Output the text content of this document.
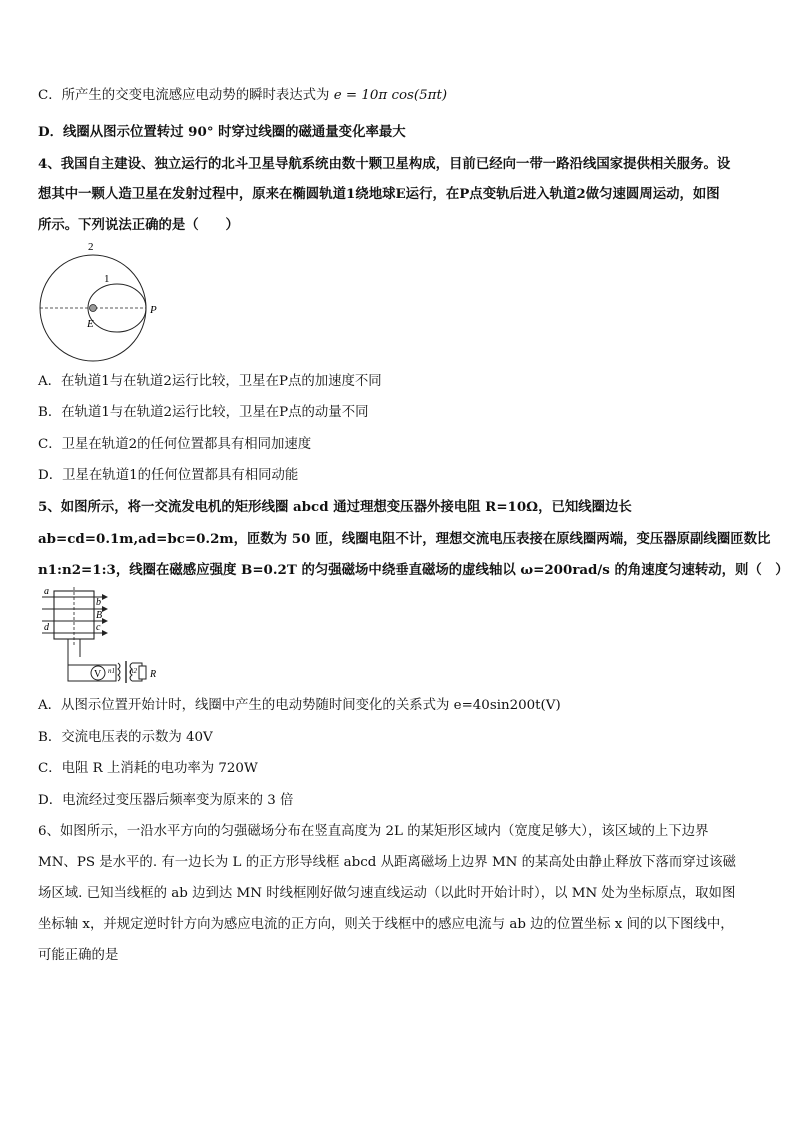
C．所产生的交变电流感应电动势的瞬时表达式为 e = 10π cos(5πt)
D．线圈从图示位置转过 90° 时穿过线圈的磁通量变化率最大
4、我国自主建设、独立运行的北斗卫星导航系统由数十颗卫星构成，目前已经向一带一路沿线国家提供相关服务。设
想其中一颗人造卫星在发射过程中，原来在椭圆轨道1绕地球E运行，在P点变轨后进入轨道2做匀速圆周运动，如图
所示。下列说法正确的是（　　）
2
1
E
P
A．在轨道1与在轨道2运行比较，卫星在P点的加速度不同
B．在轨道1与在轨道2运行比较，卫星在P点的动量不同
C．卫星在轨道2的任何位置都具有相同加速度
D．卫星在轨道1的任何位置都具有相同动能
5、如图所示，将一交流发电机的矩形线圈 abcd 通过理想变压器外接电阻 R=10Ω，已知线圈边长
ab=cd=0.1m,ad=bc=0.2m，匝数为 50 匝，线圈电阻不计，理想交流电压表接在原线圈两端，变压器原副线圈匝数比
n1:n2=1:3，线圈在磁感应强度 B=0.2T 的匀强磁场中绕垂直磁场的虚线轴以 ω=200rad/s 的角速度匀速转动，则（　）
V
a
b
B
d	c
n1 n2 R
A．从图示位置开始计时，线圈中产生的电动势随时间变化的关系式为 e=40sin200t(V)
B．交流电压表的示数为 40V
C．电阻 R 上消耗的电功率为 720W
D．电流经过变压器后频率变为原来的 3 倍
6、如图所示，一沿水平方向的匀强磁场分布在竖直高度为 2L 的某矩形区域内（宽度足够大），该区域的上下边界
MN、PS 是水平的. 有一边长为 L 的正方形导线框 abcd 从距离磁场上边界 MN 的某高处由静止释放下落而穿过该磁
场区域. 已知当线框的 ab 边到达 MN 时线框刚好做匀速直线运动（以此时开始计时），以 MN 处为坐标原点，取如图
坐标轴 x，并规定逆时针方向为感应电流的正方向，则关于线框中的感应电流与 ab 边的位置坐标 x 间的以下图线中，
可能正确的是
